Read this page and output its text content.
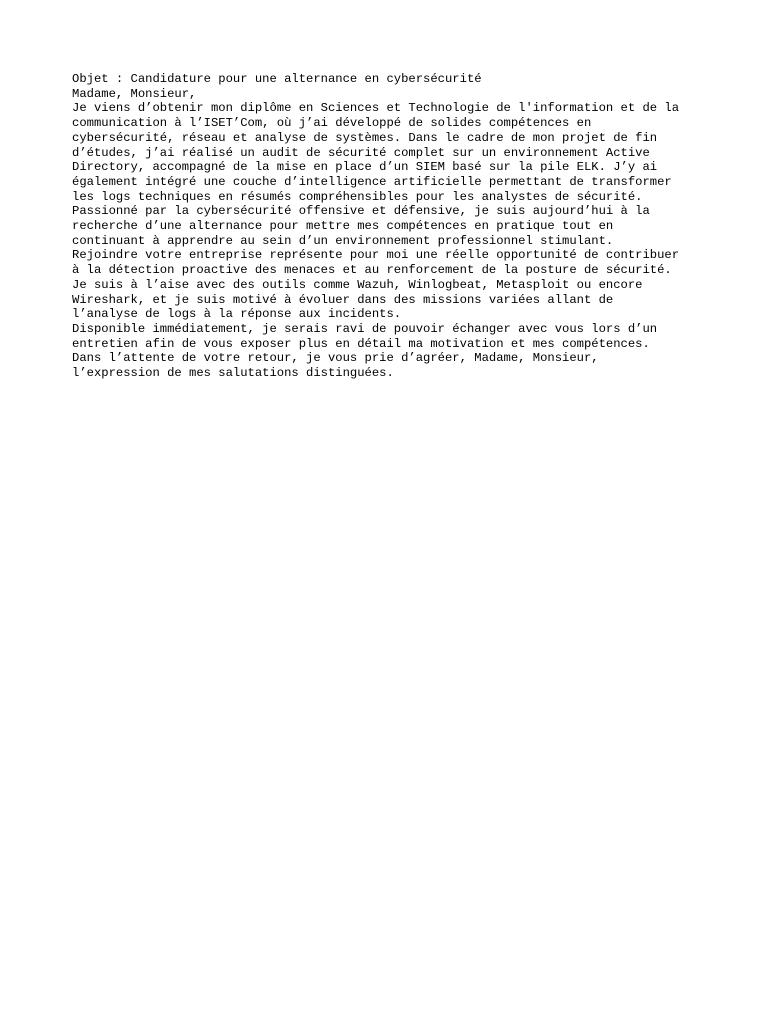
Objet : Candidature pour une alternance en cybersécurité
Madame, Monsieur,
Je viens d’obtenir mon diplôme en Sciences et Technologie de l'information et de la
communication à l’ISET’Com, où j’ai développé de solides compétences en
cybersécurité, réseau et analyse de systèmes. Dans le cadre de mon projet de fin
d’études, j’ai réalisé un audit de sécurité complet sur un environnement Active
Directory, accompagné de la mise en place d’un SIEM basé sur la pile ELK. J’y ai
également intégré une couche d’intelligence artificielle permettant de transformer
les logs techniques en résumés compréhensibles pour les analystes de sécurité.
Passionné par la cybersécurité offensive et défensive, je suis aujourd’hui à la
recherche d’une alternance pour mettre mes compétences en pratique tout en
continuant à apprendre au sein d’un environnement professionnel stimulant.
Rejoindre votre entreprise représente pour moi une réelle opportunité de contribuer
à la détection proactive des menaces et au renforcement de la posture de sécurité.
Je suis à l’aise avec des outils comme Wazuh, Winlogbeat, Metasploit ou encore
Wireshark, et je suis motivé à évoluer dans des missions variées allant de
l’analyse de logs à la réponse aux incidents.
Disponible immédiatement, je serais ravi de pouvoir échanger avec vous lors d’un
entretien afin de vous exposer plus en détail ma motivation et mes compétences.
Dans l’attente de votre retour, je vous prie d’agréer, Madame, Monsieur,
l’expression de mes salutations distinguées.
